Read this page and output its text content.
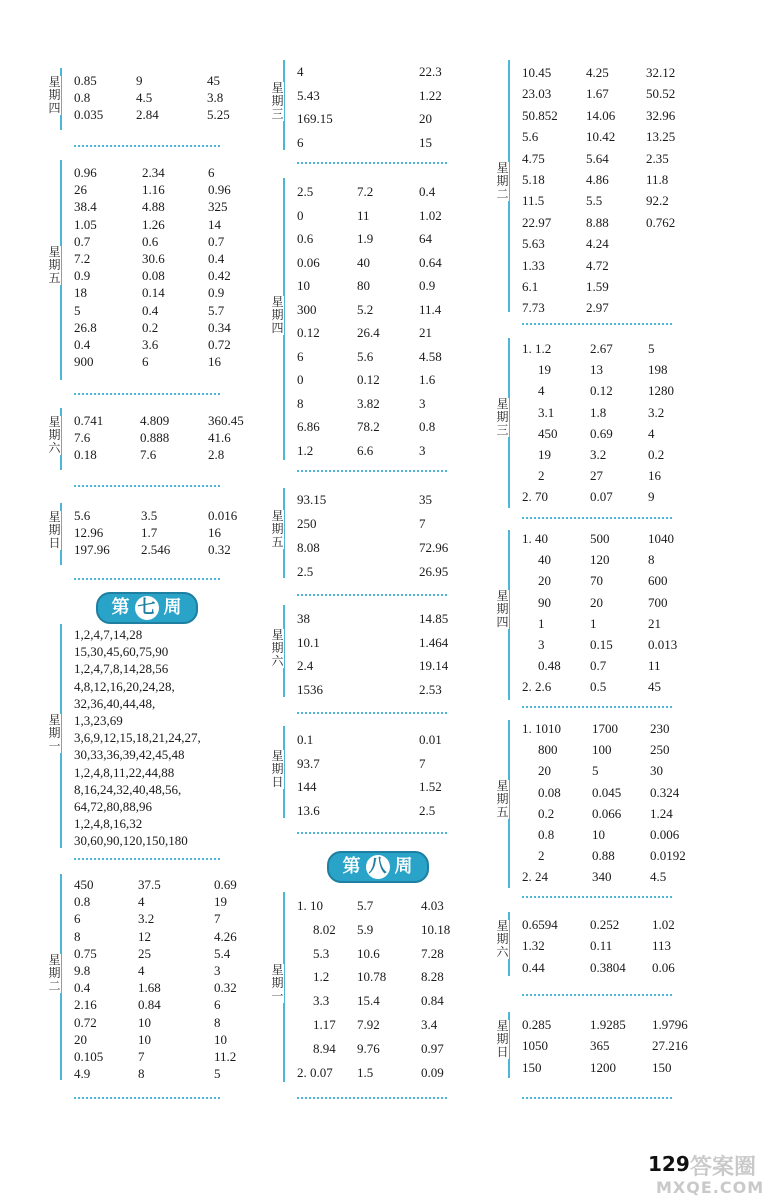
星期四
0.85	9	45
0.8	4.5	3.8
0.035	2.84	5.25
星期五
0.96	2.34	6
26	1.16	0.96
38.4	4.88	325
1.05	1.26	14
0.7	0.6	0.7
7.2	30.6	0.4
0.9	0.08	0.42
18	0.14	0.9
5	0.4	5.7
26.8	0.2	0.34
0.4	3.6	0.72
900	6	16
星期六
0.741	4.809	360.45
7.6	0.888	41.6
0.18	7.6	2.8
星期日
5.6	3.5	0.016
12.96	1.7	16
197.96 2.546	0.32
第 七 周
星期一
1,2,4,7,14,28
15,30,45,60,75,90
1,2,4,7,8,14,28,56
4,8,12,16,20,24,28,
32,36,40,44,48,
1,3,23,69
3,6,9,12,15,18,21,24,27,
30,33,36,39,42,45,48
1,2,4,8,11,22,44,88
8,16,24,32,40,48,56,
64,72,80,88,96
1,2,4,8,16,32
30,60,90,120,150,180
星期二
450	37.5	0.69
0.8	4	19
6	3.2	7
8	12	4.26
0.75	25	5.4
9.8	4	3
0.4	1.68	0.32
2.16	0.84	6
0.72	10	8
20	10	10
0.105	7	11.2
4.9	8	5
星期三
4	22.3
5.43	1.22
169.15	20
6	15
星期四
2.5	7.2	0.4
0	11	1.02
0.6	1.9	64
0.06	40	0.64
10	80	0.9
300	5.2	11.4
0.12	26.4	21
6	5.6	4.58
0	0.12	1.6
8	3.82	3
6.86	78.2	0.8
1.2	6.6	3
星期五
93.15	35
250	7
8.08	72.96
2.5	26.95
星期六
38	14.85
10.1	1.464
2.4	19.14
1536	2.53
星期日
0.1	0.01
93.7	7
144	1.52
13.6	2.5
第 八 周
星期一
1. 10	5.7	4.03
8.02 5.9	10.18
5.3 10.6	7.28
1.2 10.78	8.28
3.3 15.4	0.84
1.17 7.92	3.4
8.94 9.76	0.97
2. 0.07 1.5	0.09
星期二
10.45	4.25	32.12
23.03	1.67	50.52
50.852 14.06 32.96
5.6	10.42 13.25
4.75	5.64	2.35
5.18	4.86	11.8
11.5	5.5	92.2
22.97	8.88	0.762
5.63	4.24
1.33	4.72
6.1	1.59
7.73	2.97
星期三
1. 1.2	2.67	5
19	13	198
4	0.12	1280
3.1	1.8	3.2
450	0.69	4
19	3.2	0.2
2	27	16
2. 70	0.07	9
星期四
1. 40	500	1040
40	120	8
20	70	600
90	20	700
1	1	21
3	0.15	0.013
0.48 0.7	11
2. 2.6	0.5	45
星期五
1. 1010 1700 230
800	100	250
20	5	30
0.08 0.045 0.324
0.2	0.066 1.24
0.8	10	0.006
2	0.88	0.0192
2. 24	340	4.5
星期六
0.6594 0.252	1.02
1.32	0.11	113
0.44	0.3804 0.06
星期日
0.285	1.9285 1.9796
1050	365	27.216
150	1200	150
129 答案圈
MXQE.COM
